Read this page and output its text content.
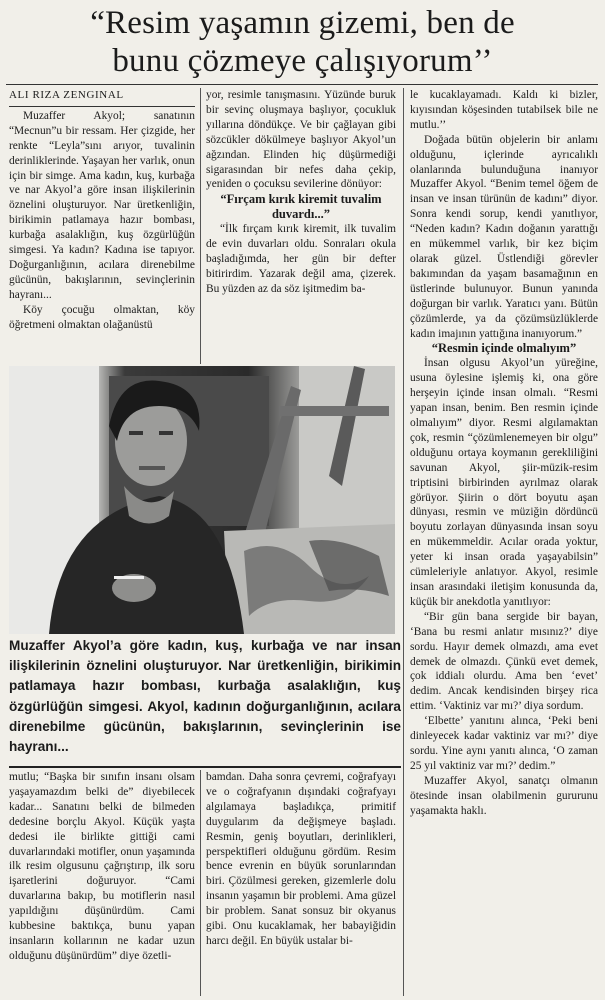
“Resim yaşamın gizemi, ben de
bunu çözmeye çalışıyorum’’

ALI RIZA ZENGINAL

Muzaffer Akyol; sanatının “Mecnun”u bir ressam. Her çizgide, her renkte “Leyla”sını arıyor, tuvalinin derinliklerinde. Yaşayan her varlık, onun için bir simge. Ama kadın, kuş, kurbağa ve nar Akyol’a göre insan ilişkilerinin öznelini oluşturuyor. Nar üretkenliğin, birikimin patlamaya hazır bombası, kurbağa asalaklığın, kuş özgürlüğün simgesi. Ya kadın? Kadına ise tapıyor. Doğurganlığının, acılara direnebilme gücünün, bakışlarının, sevinçlerinin hayranı...

Köy çocuğu olmaktan, köy öğretmeni olmaktan olağanüstü

yor, resimle tanışmasını. Yüzünde buruk bir sevinç oluşmaya başlıyor, çocukluk yıllarına döndükçe. Ve bir çağlayan gibi sözcükler dökülmeye başlıyor Akyol’un ağzından. Elinden hiç düşürmediği sigarasından bir nefes daha çekip, yeniden o çocuksu sevilerine dönüyor:

“Fırçam kırık kiremit tuvalim duvardı...”

“İlk fırçam kırık kiremit, ilk tuvalim de evin duvarları oldu. Sonraları okula başladığımda, her gün bir defter bitirirdim. Yazarak değil ama, çizerek. Bu yüzden az da söz işitmedim ba-

le kucaklayamadı. Kaldı ki bizler, kıyısından köşesinden tutabilsek bile ne mutlu.’’

Doğada bütün objelerin bir anlamı olduğunu, içlerinde ayrıcalıklı olanlarında bulunduğuna inanıyor Muzaffer Akyol. “Benim temel öğem de insan ve insan türünün de kadını” diyor. Sonra kendi sorup, kendi yanıtlıyor, “Neden kadın? Kadın doğanın yarattığı en mükemmel varlık, bir kez biçim olarak güzel. Üstlendiği görevler bakımından da yaşam basamağının en üstlerinde bulunuyor. Bunun yanında doğurgan bir varlık. Yaratıcı yanı. Bütün çözümlerde, ya da çözümsüzlüklerde kadın imajının yattığına inanıyorum.”

“Resmin içinde olmalıyım”

İnsan olgusu Akyol’un yüreğine, usuna öylesine işlemiş ki, ona göre herşeyin içinde insan olmalı. “Resmi yapan insan, benim. Ben resmin içinde olmalıyım” diyor. Resmi algılamaktan çok, resmin “çözümlenemeyen bir olgu” olduğunu ortaya koymanın gerekliliğini savunan Akyol, şiir-müzik-resim triptisini birbirinden ayrılmaz olarak görüyor. Şiirin o dört boyutu aşan dünyası, resmin ve müziğin dördüncü boyutu zorlayan dünyasında insan soyu en mükemmeldir. Acılar orada yoktur, yeter ki insan orada yaşayabilsin” cümleleriyle anlatıyor. Akyol, resimle insan arasındaki iletişim konusunda da, küçük bir anekdotla yanıtlıyor:

“Bir gün bana sergide bir bayan, ‘Bana bu resmi anlatır mısınız?’ diye sordu. Hayır demek olmazdı, ama evet demek de olmazdı. Çünkü evet demek, çok iddialı olurdu. Ama ben ‘evet’ dedim. Ancak kendisinden birşey rica ettim. ‘Vaktiniz var mı?’ diya sordum.

‘Elbette’ yanıtını alınca, ‘Peki beni dinleyecek kadar vaktiniz var mı?’ diye sordu. Yine aynı yanıtı alınca, ‘O zaman 25 yıl vaktiniz var mı?’ dedim.”

Muzaffer Akyol, sanatçı olmanın ötesinde insan olabilmenin gururunu yaşamakta haklı.

Muzaffer Akyol’a göre kadın, kuş, kurbağa ve nar insan ilişkilerinin öznelini oluşturuyor. Nar üretkenliğin, birikimin patlamaya hazır bombası, kurbağa asalaklığın, kuş özgürlüğün simgesi. Akyol, kadının doğurganlığının, acılara direnebilme gücünün, bakışlarının, sevinçlerinin ise hayranı...

mutlu; “Başka bir sınıfın insanı olsam yaşayamazdım belki de” diyebilecek kadar... Sanatını belki de bilmeden dedesine borçlu Akyol. Küçük yaşta dedesi ile birlikte gittiği cami duvarlarındaki motifler, onun yaşamında ilk resim olgusunu çağrıştırıp, ilk soru işaretlerini doğuruyor. “Cami duvarlarına bakıp, bu motiflerin nasıl yapıldığını düşünürdüm. Cami kubbesine baktıkça, bunu yapan insanların kollarının ne kadar uzun olduğunu düşünürdüm” diye özetli-

bamdan. Daha sonra çevremi, coğrafyayı ve o coğrafyanın dışındaki coğrafyayı algılamaya başladıkça, primitif duygularım da değişmeye başladı. Resmin, geniş boyutları, derinlikleri, perspektifleri olduğunu gördüm. Resim bence evrenin en büyük sorunlarından biri. Çözülmesi gereken, gizemlerle dolu insanın yaşamın bir problemi. Ama güzel bir problem. Sanat sonsuz bir okyanus gibi. Onu kucaklamak, her babayiğidin harcı değil. En büyük ustalar bi-
